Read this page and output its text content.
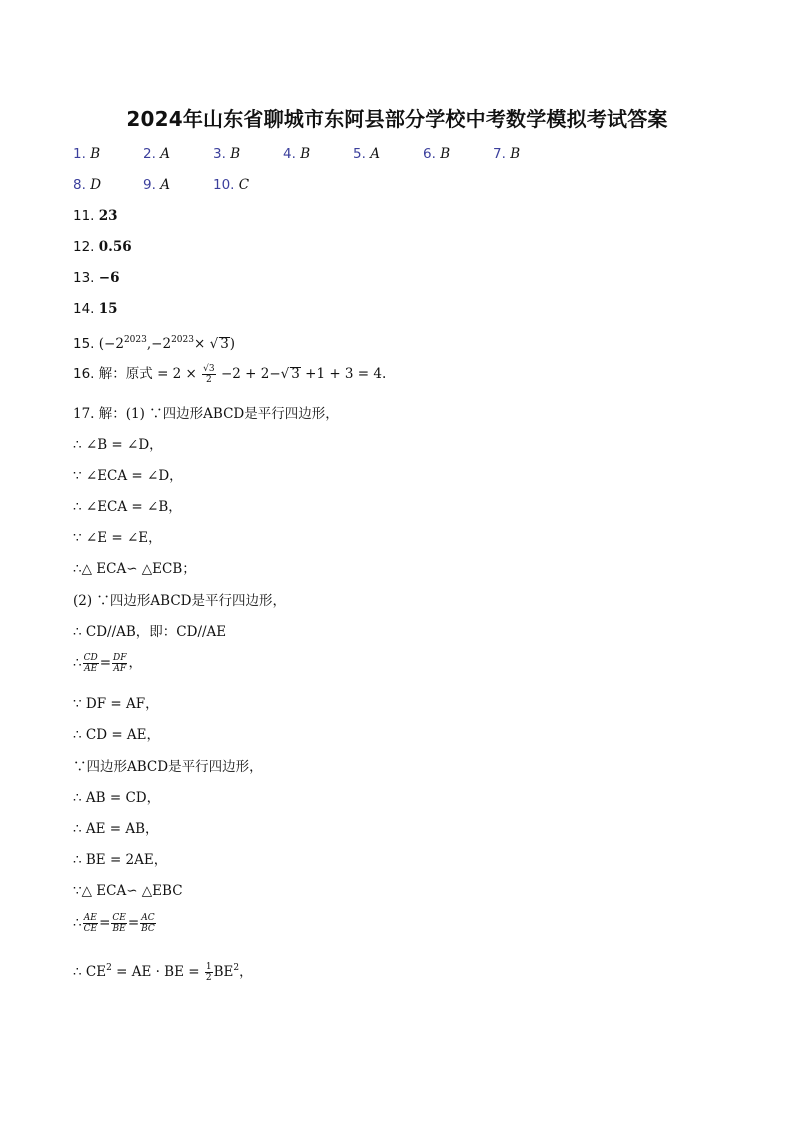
2024年山东省聊城市东阿县部分学校中考数学模拟考试答案
1. B	2. A	3. B	4. B	5. A	6. B	7. B
8. D	9. A	10. C
11. 23
12. 0.56
13. −6
14. 15
15. ($-2^{2023},-2^{2023}\times$ √ 3)
16. 解：原式 = $2 \times \frac{√3}{2} -2 + 2-√$ 3 +1 + 3 = 4.
17. 解：(1) ∵四边形ABCD是平行四边形，
∴ ∠B = ∠D，
∵ ∠ECA = ∠D，
∴ ∠ECA = ∠B，
∵ ∠E = ∠E，
∴△ ECA∽ △ECB；
(2) ∵四边形ABCD是平行四边形，
∴ CD//AB，即：CD//AE
∴ $\frac{CD}{AE} = \frac{DF}{AF}$ ，
∵ DF = AF，
∴ CD = AE，
∵四边形ABCD是平行四边形，
∴ AB = CD，
∴ AE = AB，
∴ BE = 2AE，
∵△ ECA∽ △EBC
∴ $\frac{AE}{CE} = \frac{CE}{BE} = \frac{AC}{BC}$
∴ $CE^2$ = AE · BE = $\frac{1}{2} BE^2$，
